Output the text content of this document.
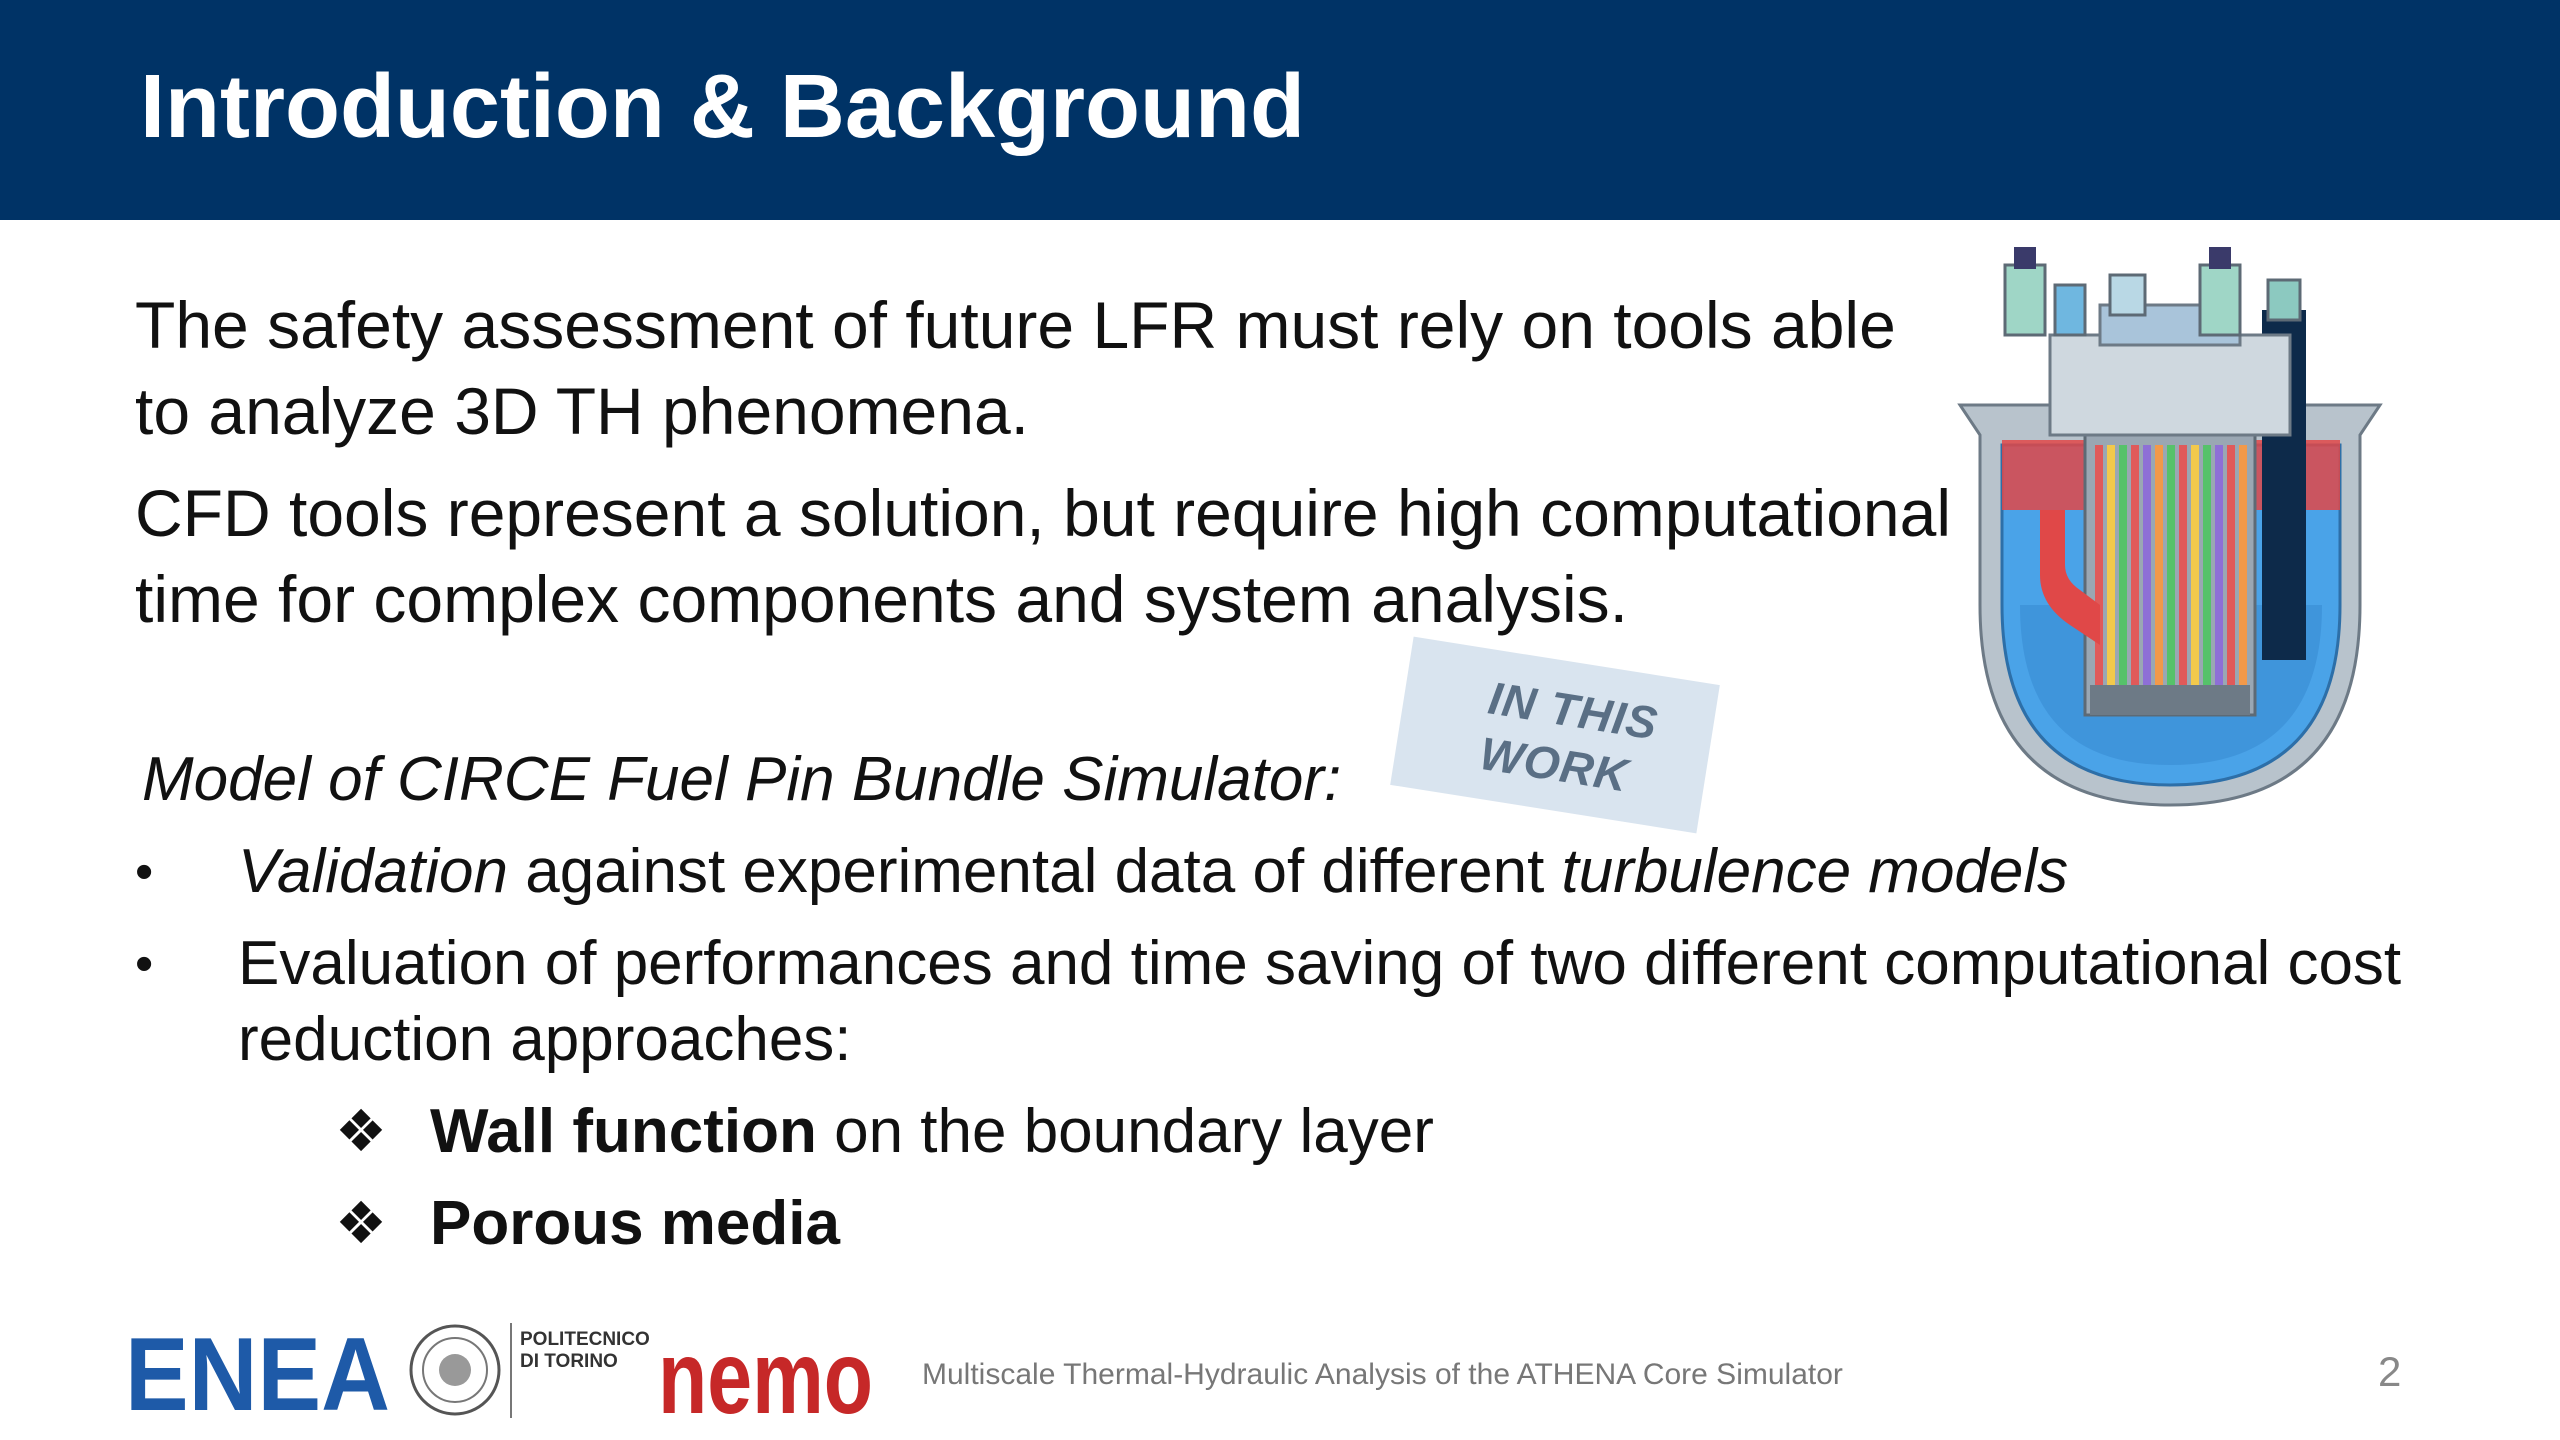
Introduction & Background
The safety assessment of future LFR must rely on tools able to analyze 3D TH phenomena.
CFD tools represent a solution, but require high computational time for complex components and system analysis.
Model of CIRCE Fuel Pin Bundle Simulator:
•	Validation against experimental data of different turbulence models
•	Evaluation of performances and time saving of two different computational cost reduction approaches:
❖ Wall function on the boundary layer
❖ Porous media
IN THIS
WORK
ENEA	POLITECNICO
DI TORINO nemo Multiscale Thermal-Hydraulic Analysis of the ATHENA Core Simulator	2
